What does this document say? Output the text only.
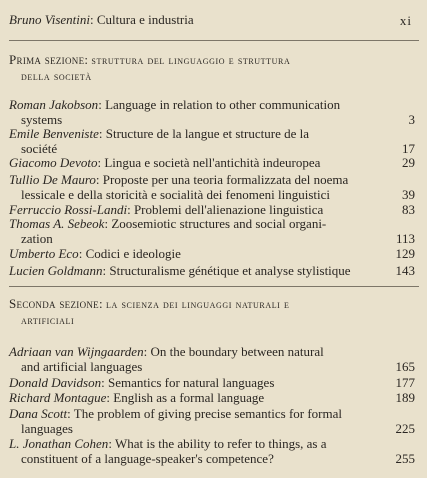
Bruno Visentini: Cultura e industria	xi
Prima sezione: struttura del linguaggio e struttura
della società
Roman Jakobson: Language in relation to other communication
systems	3
Emile Benveniste: Structure de la langue et structure de la
société	17
Giacomo Devoto: Lingua e società nell'antichità indeuropea	29
Tullio De Mauro: Proposte per una teoria formalizzata del noema
lessicale e della storicità e socialità dei fenomeni linguistici	39
Ferruccio Rossi-Landi: Problemi dell'alienazione linguistica	83
Thomas A. Sebeok: Zoosemiotic structures and social organi-
zation	113
Umberto Eco: Codici e ideologie	129
Lucien Goldmann: Structuralisme génétique et analyse stylistique	143
Seconda sezione: la scienza dei linguaggi naturali e
artificiali
Adriaan van Wijngaarden: On the boundary between natural
and artificial languages	165
Donald Davidson: Semantics for natural languages	177
Richard Montague: English as a formal language	189
Dana Scott: The problem of giving precise semantics for formal
languages	225
L. Jonathan Cohen: What is the ability to refer to things, as a
constituent of a language-speaker's competence?	255
